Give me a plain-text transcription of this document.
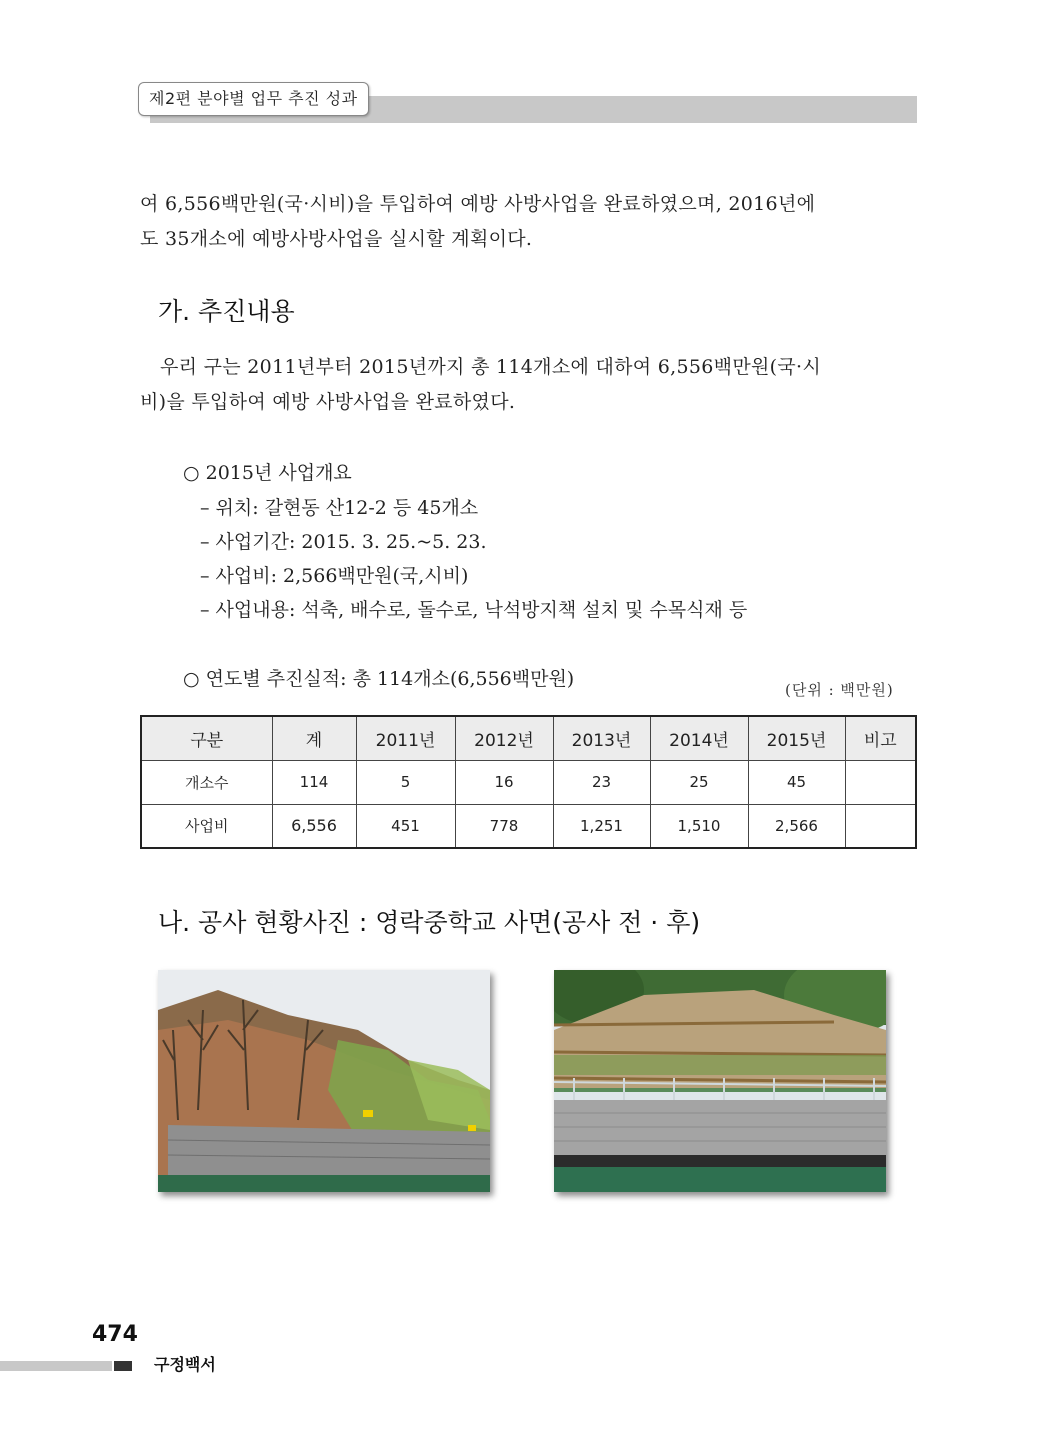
제2편 분야별 업무 추진 성과
여 6,556백만원(국·시비)을 투입하여 예방 사방사업을 완료하였으며, 2016년에
도 35개소에 예방사방사업을 실시할 계획이다.
가. 추진내용
우리 구는 2011년부터 2015년까지 총 114개소에 대하여 6,556백만원(국·시
비)을 투입하여 예방 사방사업을 완료하였다.
○ 2015년 사업개요
– 위치: 갈현동 산12-2 등 45개소
– 사업기간: 2015. 3. 25.~5. 23.
– 사업비: 2,566백만원(국,시비)
– 사업내용: 석축, 배수로, 돌수로, 낙석방지책 설치 및 수목식재 등
○ 연도별 추진실적: 총 114개소(6,556백만원)	(단위 : 백만원)
구분	계	2011년	2012년	2013년	2014년	2015년	비고
개소수	114	5	16	23	25	45	
사업비	6,556	451	778	1,251	1,510	2,566	
나. 공사 현황사진 : 영락중학교 사면(공사 전 · 후)
474
구정백서
